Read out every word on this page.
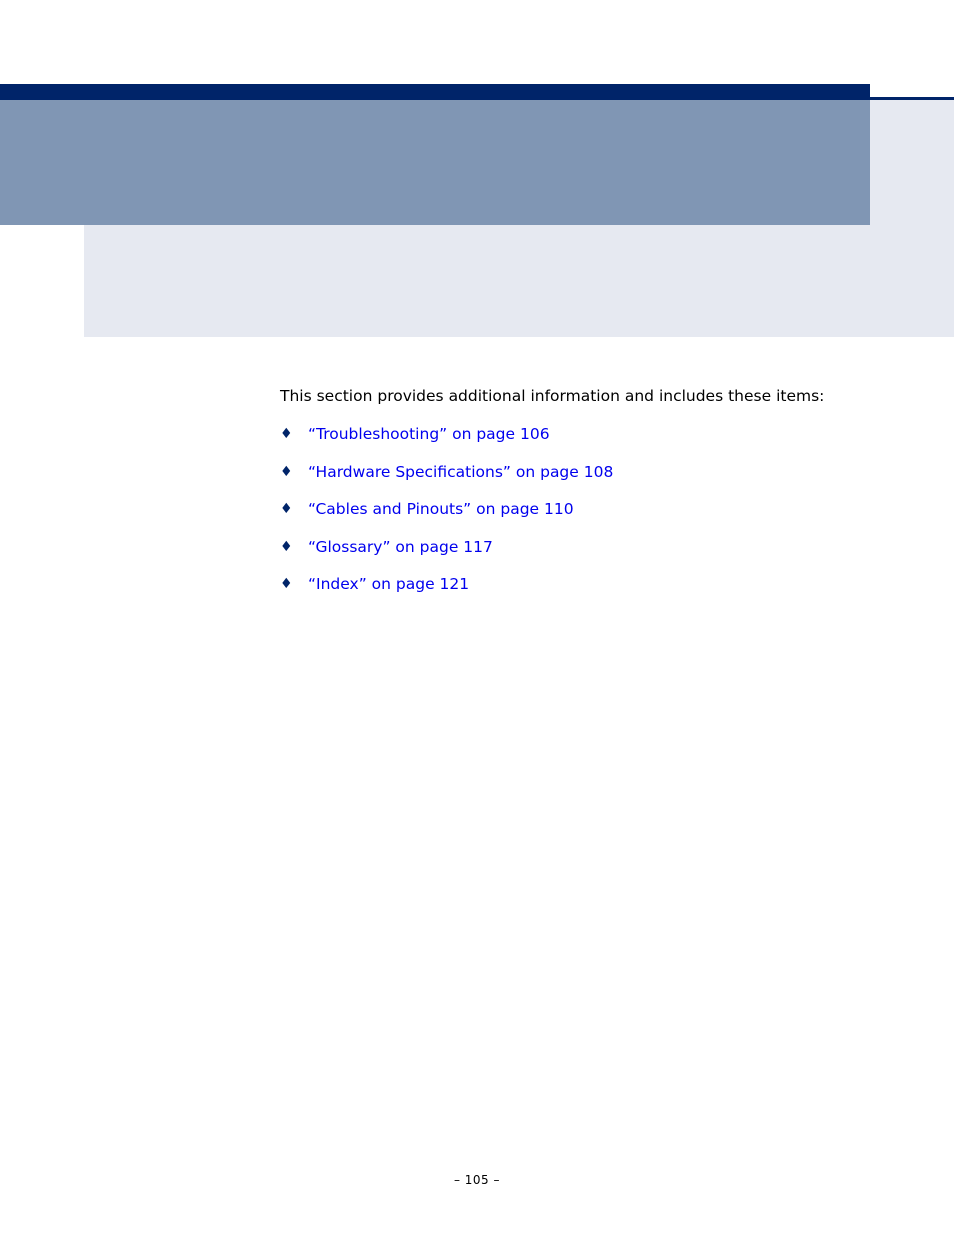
This section provides additional information and includes these items:

♦ “Troubleshooting” on page 106
♦ “Hardware Specifications” on page 108
♦ “Cables and Pinouts” on page 110
♦ “Glossary” on page 117
♦ “Index” on page 121
– 105 –
